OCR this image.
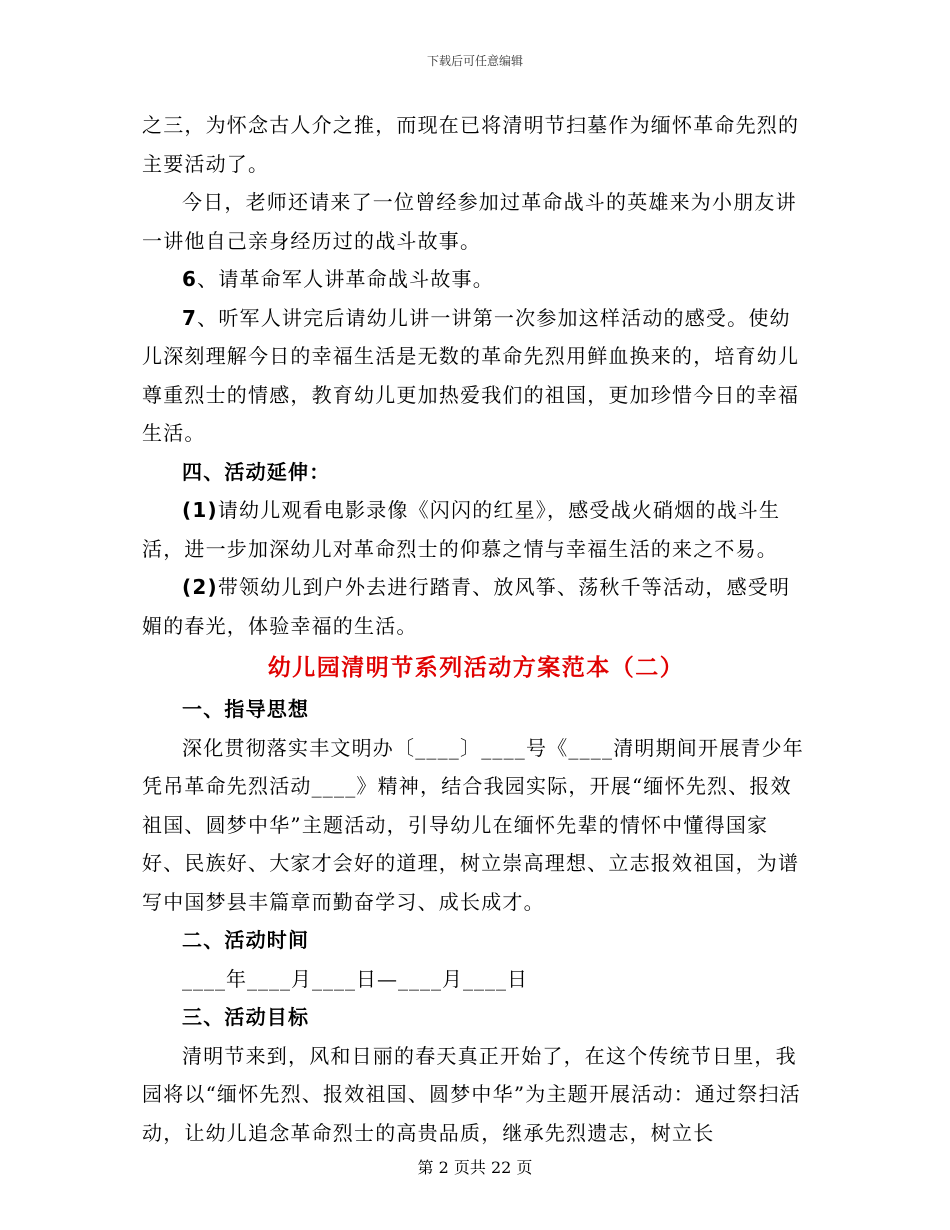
下载后可任意编辑

之三，为怀念古人介之推，而现在已将清明节扫墓作为缅怀革命先烈的主要活动了。

今日，老师还请来了一位曾经参加过革命战斗的英雄来为小朋友讲一讲他自己亲身经历过的战斗故事。

6、请革命军人讲革命战斗故事。

7、听军人讲完后请幼儿讲一讲第一次参加这样活动的感受。使幼儿深刻理解今日的幸福生活是无数的革命先烈用鲜血换来的，培育幼儿尊重烈士的情感，教育幼儿更加热爱我们的祖国，更加珍惜今日的幸福生活。

四、活动延伸：

(1)请幼儿观看电影录像《闪闪的红星》，感受战火硝烟的战斗生活，进一步加深幼儿对革命烈士的仰慕之情与幸福生活的来之不易。

(2)带领幼儿到户外去进行踏青、放风筝、荡秋千等活动，感受明媚的春光，体验幸福的生活。

幼儿园清明节系列活动方案范本（二）

一、指导思想

深化贯彻落实丰文明办〔____〕____号《____清明期间开展青少年凭吊革命先烈活动____》精神，结合我园实际，开展“缅怀先烈、报效祖国、圆梦中华”主题活动，引导幼儿在缅怀先辈的情怀中懂得国家好、民族好、大家才会好的道理，树立崇高理想、立志报效祖国，为谱写中国梦县丰篇章而勤奋学习、成长成才。

二、活动时间

____年____月____日—____月____日

三、活动目标

清明节来到，风和日丽的春天真正开始了，在这个传统节日里，我园将以“缅怀先烈、报效祖国、圆梦中华”为主题开展活动：通过祭扫活动，让幼儿追念革命烈士的高贵品质，继承先烈遗志，树立长

第 2 页共 22 页
